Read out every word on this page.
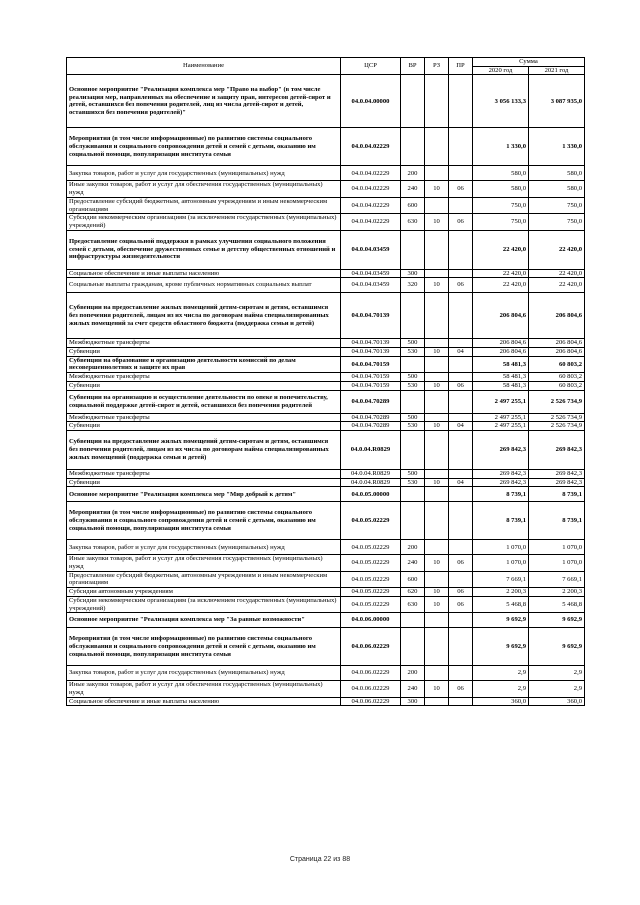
Наименование	ЦСР	ВР	РЗ	ПР	Сумма	
					2020 год	2021 год
Основное мероприятие "Реализация комплекса мер "Право на выбор" (в том числе реализация мер, направленных на обеспечение и защиту прав, интересов детей-сирот и детей, оставшихся без попечения родителей, лиц из числа детей-сирот и детей, оставшихся без попечения родителей)"	04.0.04.00000				3 056 133,3	3 087 935,0
Мероприятия (в том числе информационные) по развитию системы социального обслуживания и социального сопровождения детей и семей с детьми, оказанию им социальной помощи, популяризации института семьи	04.0.04.02229				1 330,0	1 330,0
Закупка товаров, работ и услуг для государственных (муниципальных) нужд	04.0.04.02229	200			580,0	580,0
Иные закупки товаров, работ и услуг для обеспечения государственных (муниципальных) нужд	04.0.04.02229	240	10	06	580,0	580,0
Предоставление субсидий бюджетным, автономным учреждениям и иным некоммерческим организациям	04.0.04.02229	600			750,0	750,0
Субсидии некоммерческим организациям (за исключением государственных (муниципальных) учреждений)	04.0.04.02229	630	10	06	750,0	750,0
Предоставление социальной поддержки в рамках улучшения социального положения семей с детьми, обеспечение дружественных семье и детству общественных отношений и инфраструктуры жизнедеятельности	04.0.04.03459				22 420,0	22 420,0
Социальное обеспечение и иные выплаты населению	04.0.04.03459	300			22 420,0	22 420,0
Социальные выплаты гражданам, кроме публичных нормативных социальных выплат	04.0.04.03459	320	10	06	22 420,0	22 420,0
Субвенции на предоставление жилых помещений детям-сиротам и детям, оставшимся без попечения родителей, лицам из их числа по договорам найма специализированных жилых помещений за счет средств областного бюджета (поддержка семьи и детей)	04.0.04.70139				206 804,6	206 804,6
Межбюджетные трансферты	04.0.04.70139	500			206 804,6	206 804,6
Субвенции	04.0.04.70139	530	10	04	206 804,6	206 804,6
Субвенции на образование и организацию деятельности комиссий по делам несовершеннолетних и защите их прав	04.0.04.70159				58 481,3	60 803,2
Межбюджетные трансферты	04.0.04.70159	500			58 481,3	60 803,2
Субвенции	04.0.04.70159	530	10	06	58 481,3	60 803,2
Субвенции на организацию и осуществление деятельности по опеке и попечительству, социальной поддержке детей-сирот и детей, оставшихся без попечения родителей	04.0.04.70289				2 497 255,1	2 526 734,9
Межбюджетные трансферты	04.0.04.70289	500			2 497 255,1	2 526 734,9
Субвенции	04.0.04.70289	530	10	04	2 497 255,1	2 526 734,9
Субвенции на предоставление жилых помещений детям-сиротам и детям, оставшимся без попечения родителей, лицам из их числа по договорам найма специализированных жилых помещений (поддержка семьи и детей)	04.0.04.R0829				269 842,3	269 842,3
Межбюджетные трансферты	04.0.04.R0829	500			269 842,3	269 842,3
Субвенции	04.0.04.R0829	530	10	04	269 842,3	269 842,3
Основное мероприятие "Реализация комплекса мер "Мир добрый к детям"	04.0.05.00000				8 739,1	8 739,1
Мероприятия (в том числе информационные) по развитию системы социального обслуживания и социального сопровождения детей и семей с детьми, оказанию им социальной помощи, популяризации института семьи	04.0.05.02229				8 739,1	8 739,1
Закупка товаров, работ и услуг для государственных (муниципальных) нужд	04.0.05.02229	200			1 070,0	1 070,0
Иные закупки товаров, работ и услуг для обеспечения государственных (муниципальных) нужд	04.0.05.02229	240	10	06	1 070,0	1 070,0
Предоставление субсидий бюджетным, автономным учреждениям и иным некоммерческим организациям	04.0.05.02229	600			7 669,1	7 669,1
Субсидии автономным учреждениям	04.0.05.02229	620	10	06	2 200,3	2 200,3
Субсидии некоммерческим организациям (за исключением государственных (муниципальных) учреждений)	04.0.05.02229	630	10	06	5 468,8	5 468,8
Основное мероприятие "Реализация комплекса мер "За равные возможности"	04.0.06.00000				9 692,9	9 692,9
Мероприятия (в том числе информационные) по развитию системы социального обслуживания и социального сопровождения детей и семей с детьми, оказанию им социальной помощи, популяризации института семьи	04.0.06.02229				9 692,9	9 692,9
Закупка товаров, работ и услуг для государственных (муниципальных) нужд	04.0.06.02229	200			2,9	2,9
Иные закупки товаров, работ и услуг для обеспечения государственных (муниципальных) нужд	04.0.06.02229	240	10	06	2,9	2,9
Социальное обеспечение и иные выплаты населению	04.0.06.02229	300			360,0	360,0
Страница 22 из 88
